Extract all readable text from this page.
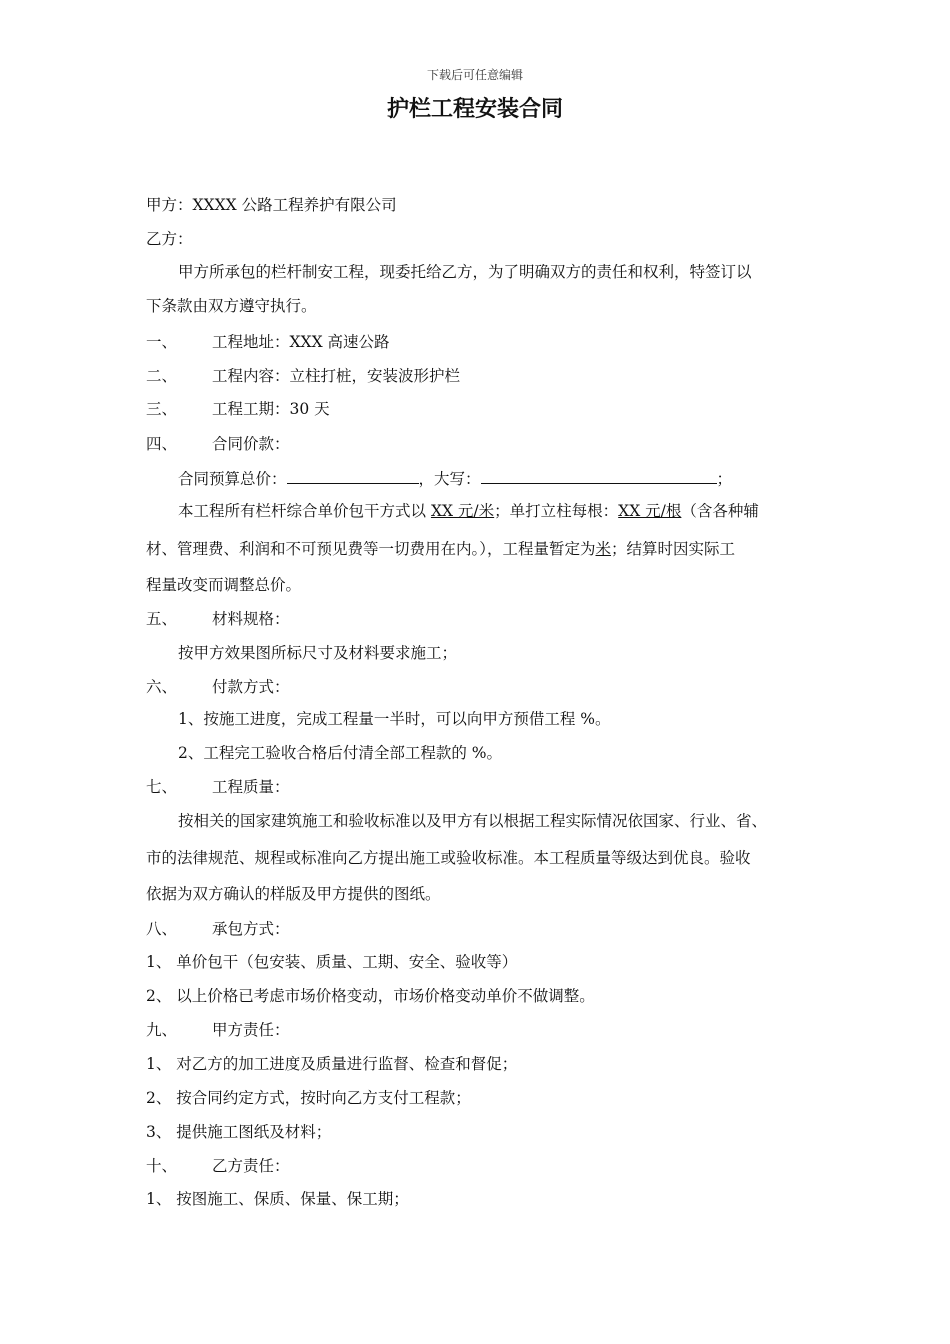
下载后可任意编辑
护栏工程安装合同
甲方：XXXX 公路工程养护有限公司
乙方：
甲方所承包的栏杆制安工程，现委托给乙方，为了明确双方的责任和权利，特签订以
下条款由双方遵守执行。
一、 工程地址：XXX 高速公路
二、 工程内容：立柱打桩，安装波形护栏
三、 工程工期：30 天
四、 合同价款：
合同预算总价：	，大写：	；
本工程所有栏杆综合单价包干方式以 XX 元/米；单打立柱每根：XX 元/根（含各种辅
材、管理费、利润和不可预见费等一切费用在内。），工程量暂定为米；结算时因实际工
程量改变而调整总价。
五、 材料规格：
按甲方效果图所标尺寸及材料要求施工；
六、 付款方式：
1、按施工进度，完成工程量一半时，可以向甲方预借工程 %。
2、工程完工验收合格后付清全部工程款的 %。
七、 工程质量：
按相关的国家建筑施工和验收标准以及甲方有以根据工程实际情况依国家、行业、省、
市的法律规范、规程或标准向乙方提出施工或验收标准。本工程质量等级达到优良。验收
依据为双方确认的样版及甲方提供的图纸。
八、 承包方式：
1、 单价包干（包安装、质量、工期、安全、验收等）
2、 以上价格已考虑市场价格变动，市场价格变动单价不做调整。
九、 甲方责任：
1、 对乙方的加工进度及质量进行监督、检查和督促；
2、 按合同约定方式，按时向乙方支付工程款；
3、 提供施工图纸及材料；
十、 乙方责任：
1、 按图施工、保质、保量、保工期；
